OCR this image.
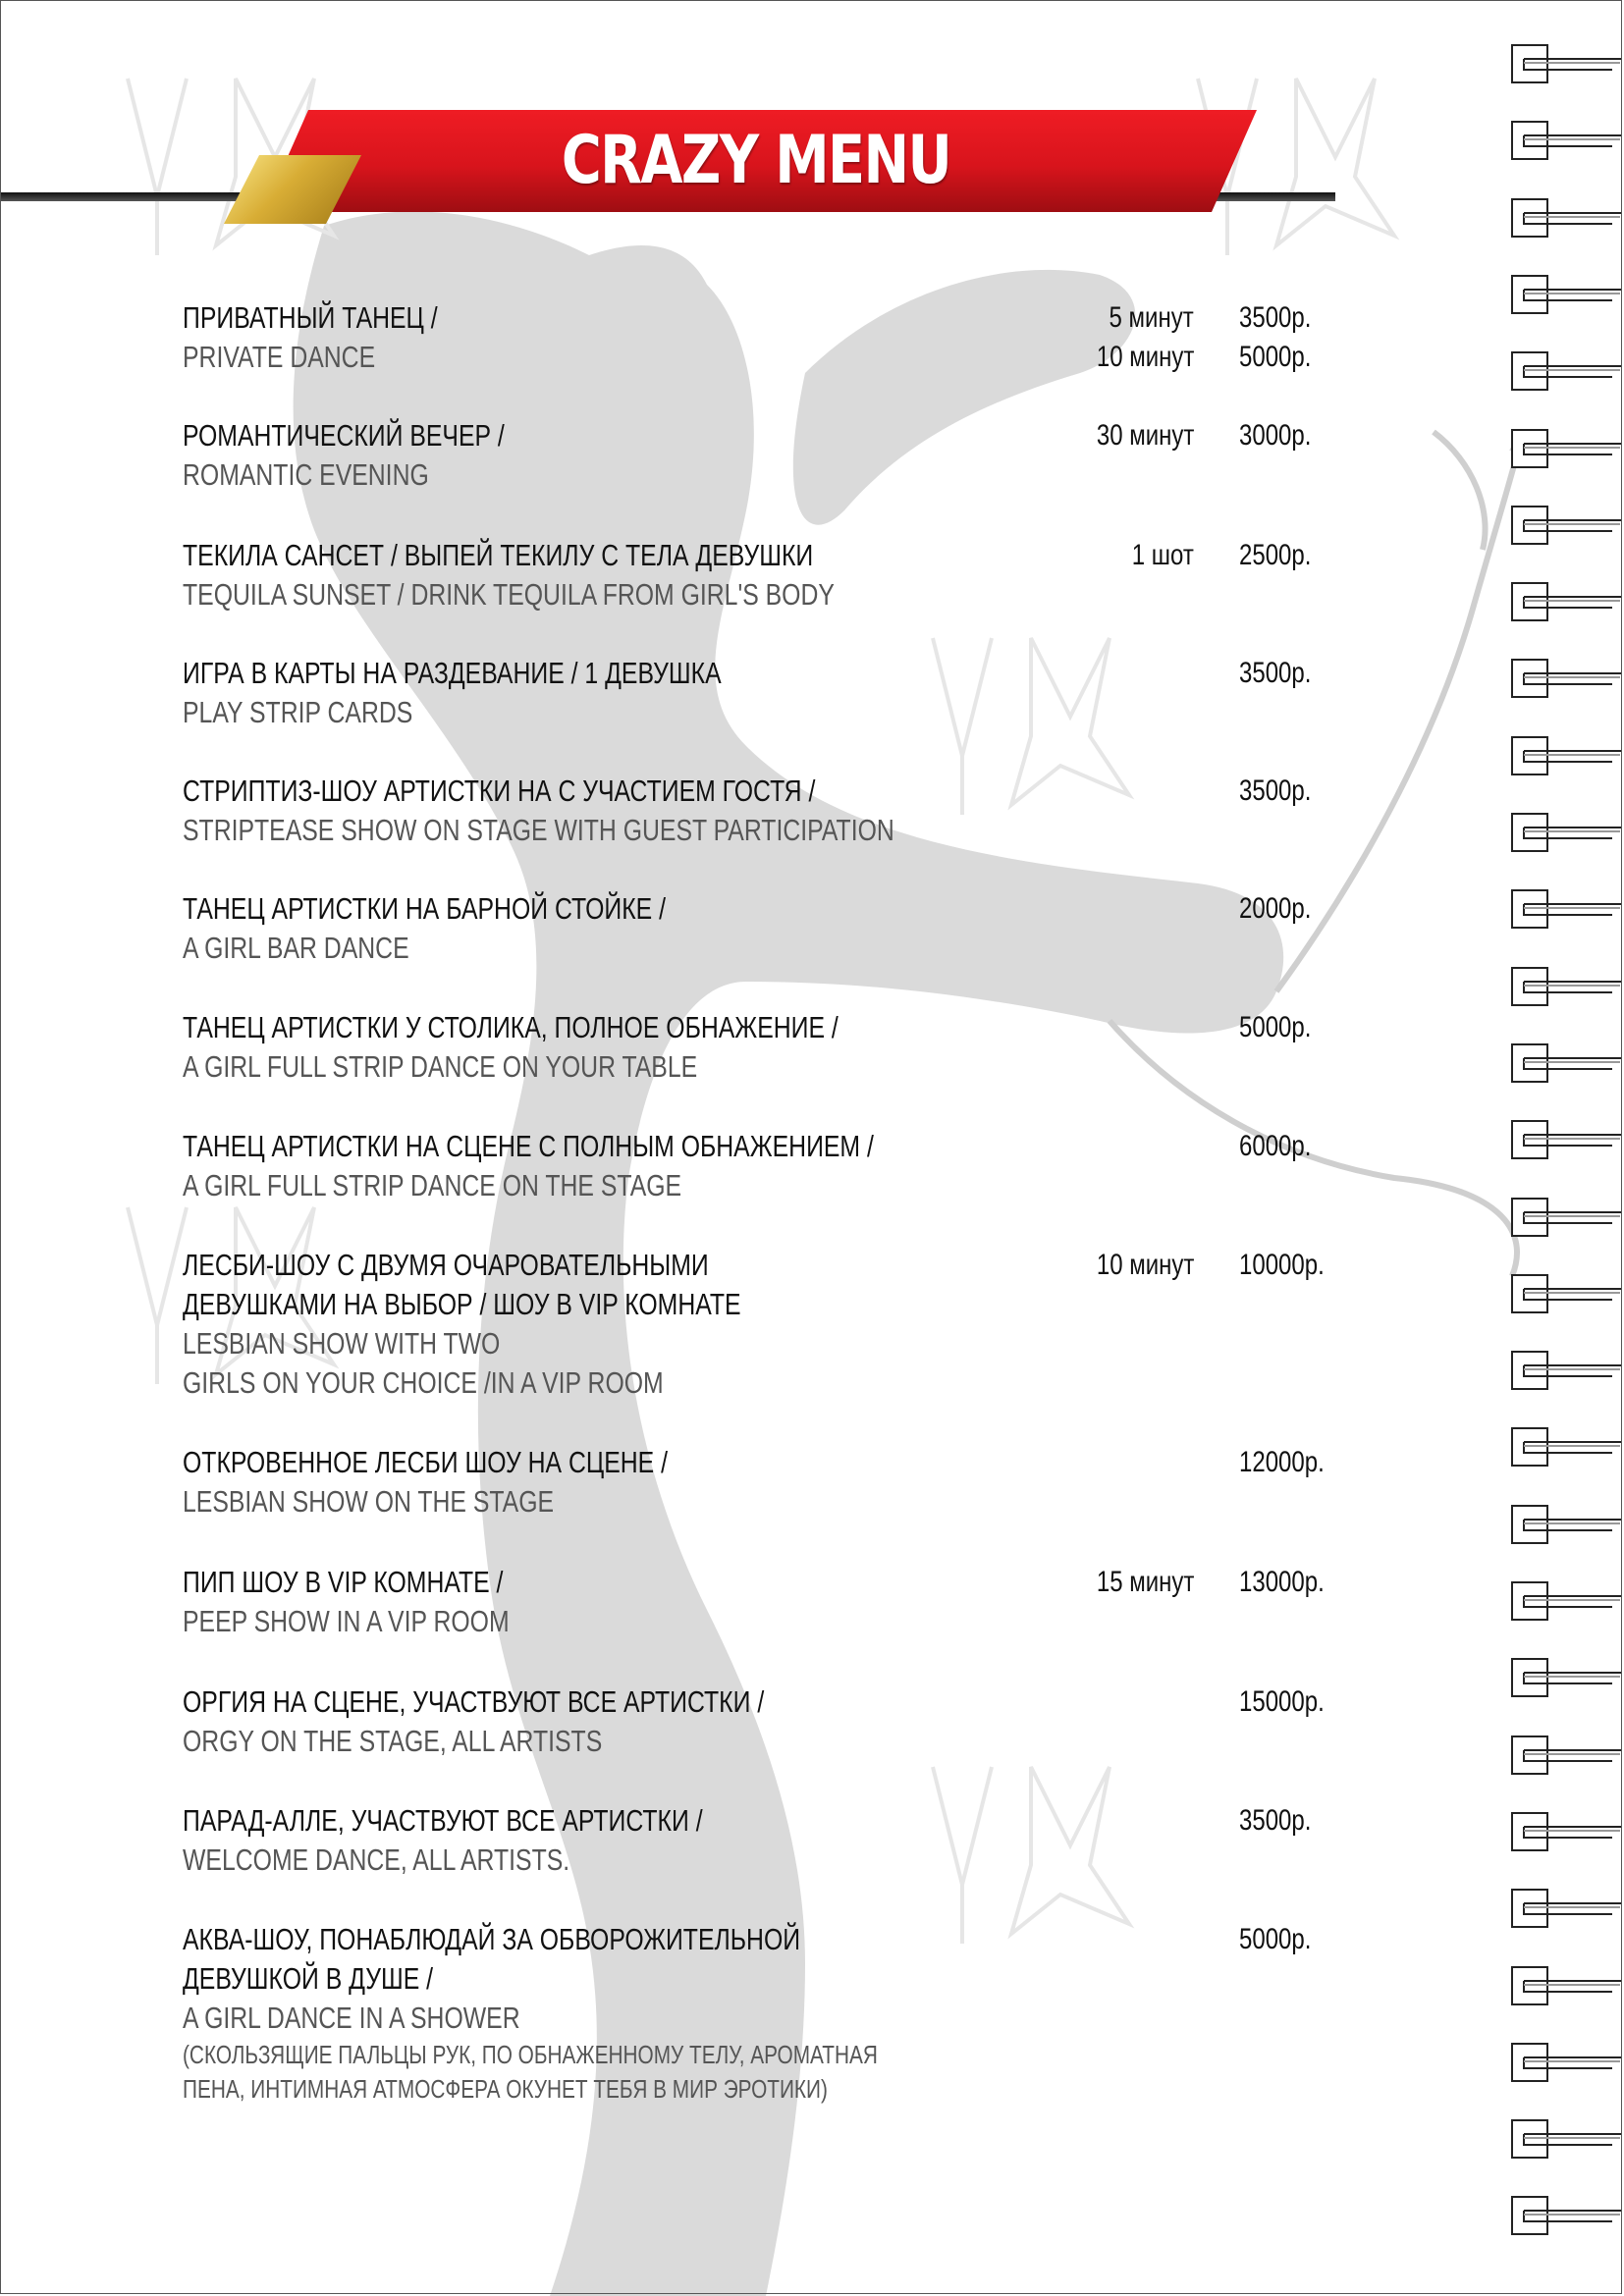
CRAZY MENU
ПРИВАТНЫЙ ТАНЕЦ /
PRIVATE DANCE
5 минут
10 минут
3500р.
5000р.
РОМАНТИЧЕСКИЙ ВЕЧЕР /
ROMANTIC EVENING
30 минут 3000р.
ТЕКИЛА САНСЕТ / ВЫПЕЙ ТЕКИЛУ С ТЕЛА ДЕВУШКИ
TEQUILA SUNSET / DRINK TEQUILA FROM GIRL'S BODY
1 шот 2500р.
ИГРА В КАРТЫ НА РАЗДЕВАНИЕ / 1 ДЕВУШКА
PLAY STRIP CARDS
3500р.
СТРИПТИЗ-ШОУ АРТИСТКИ НА С УЧАСТИЕМ ГОСТЯ /
STRIPTEASE SHOW ON STAGE WITH GUEST PARTICIPATION
3500р.
ТАНЕЦ АРТИСТКИ НА БАРНОЙ СТОЙКЕ /
A GIRL BAR DANCE
2000р.
ТАНЕЦ АРТИСТКИ У СТОЛИКА, ПОЛНОЕ ОБНАЖЕНИЕ /
A GIRL FULL STRIP DANCE ON YOUR TABLE
5000р.
ТАНЕЦ АРТИСТКИ НА СЦЕНЕ С ПОЛНЫМ ОБНАЖЕНИЕМ /
A GIRL FULL STRIP DANCE ON THE STAGE
6000р.
ЛЕСБИ-ШОУ С ДВУМЯ ОЧАРОВАТЕЛЬНЫМИ
ДЕВУШКАМИ НА ВЫБОР / ШОУ В VIP КОМНАТЕ
LESBIAN SHOW WITH TWO
GIRLS ON YOUR CHOICE /IN A VIP ROOM
10 минут 10000р.
ОТКРОВЕННОЕ ЛЕСБИ ШОУ НА СЦЕНЕ /
LESBIAN SHOW ON THE STAGE
12000р.
ПИП ШОУ В VIP КОМНАТЕ /
PEEP SHOW IN A VIP ROOM
15 минут 13000р.
ОРГИЯ НА СЦЕНЕ, УЧАСТВУЮТ ВСЕ АРТИСТКИ /
ORGY ON THE STAGE, ALL ARTISTS
15000р.
ПАРАД-АЛЛЕ, УЧАСТВУЮТ ВСЕ АРТИСТКИ /
WELCOME DANCE, ALL ARTISTS.
3500р.
АКВА-ШОУ, ПОНАБЛЮДАЙ ЗА ОБВОРОЖИТЕЛЬНОЙ
ДЕВУШКОЙ В ДУШЕ /
A GIRL DANCE IN A SHOWER
(СКОЛЬЗЯЩИЕ ПАЛЬЦЫ РУК, ПО ОБНАЖЕННОМУ ТЕЛУ, АРОМАТНАЯ
ПЕНА, ИНТИМНАЯ АТМОСФЕРА ОКУНЕТ ТЕБЯ В МИР ЭРОТИКИ)
5000р.
